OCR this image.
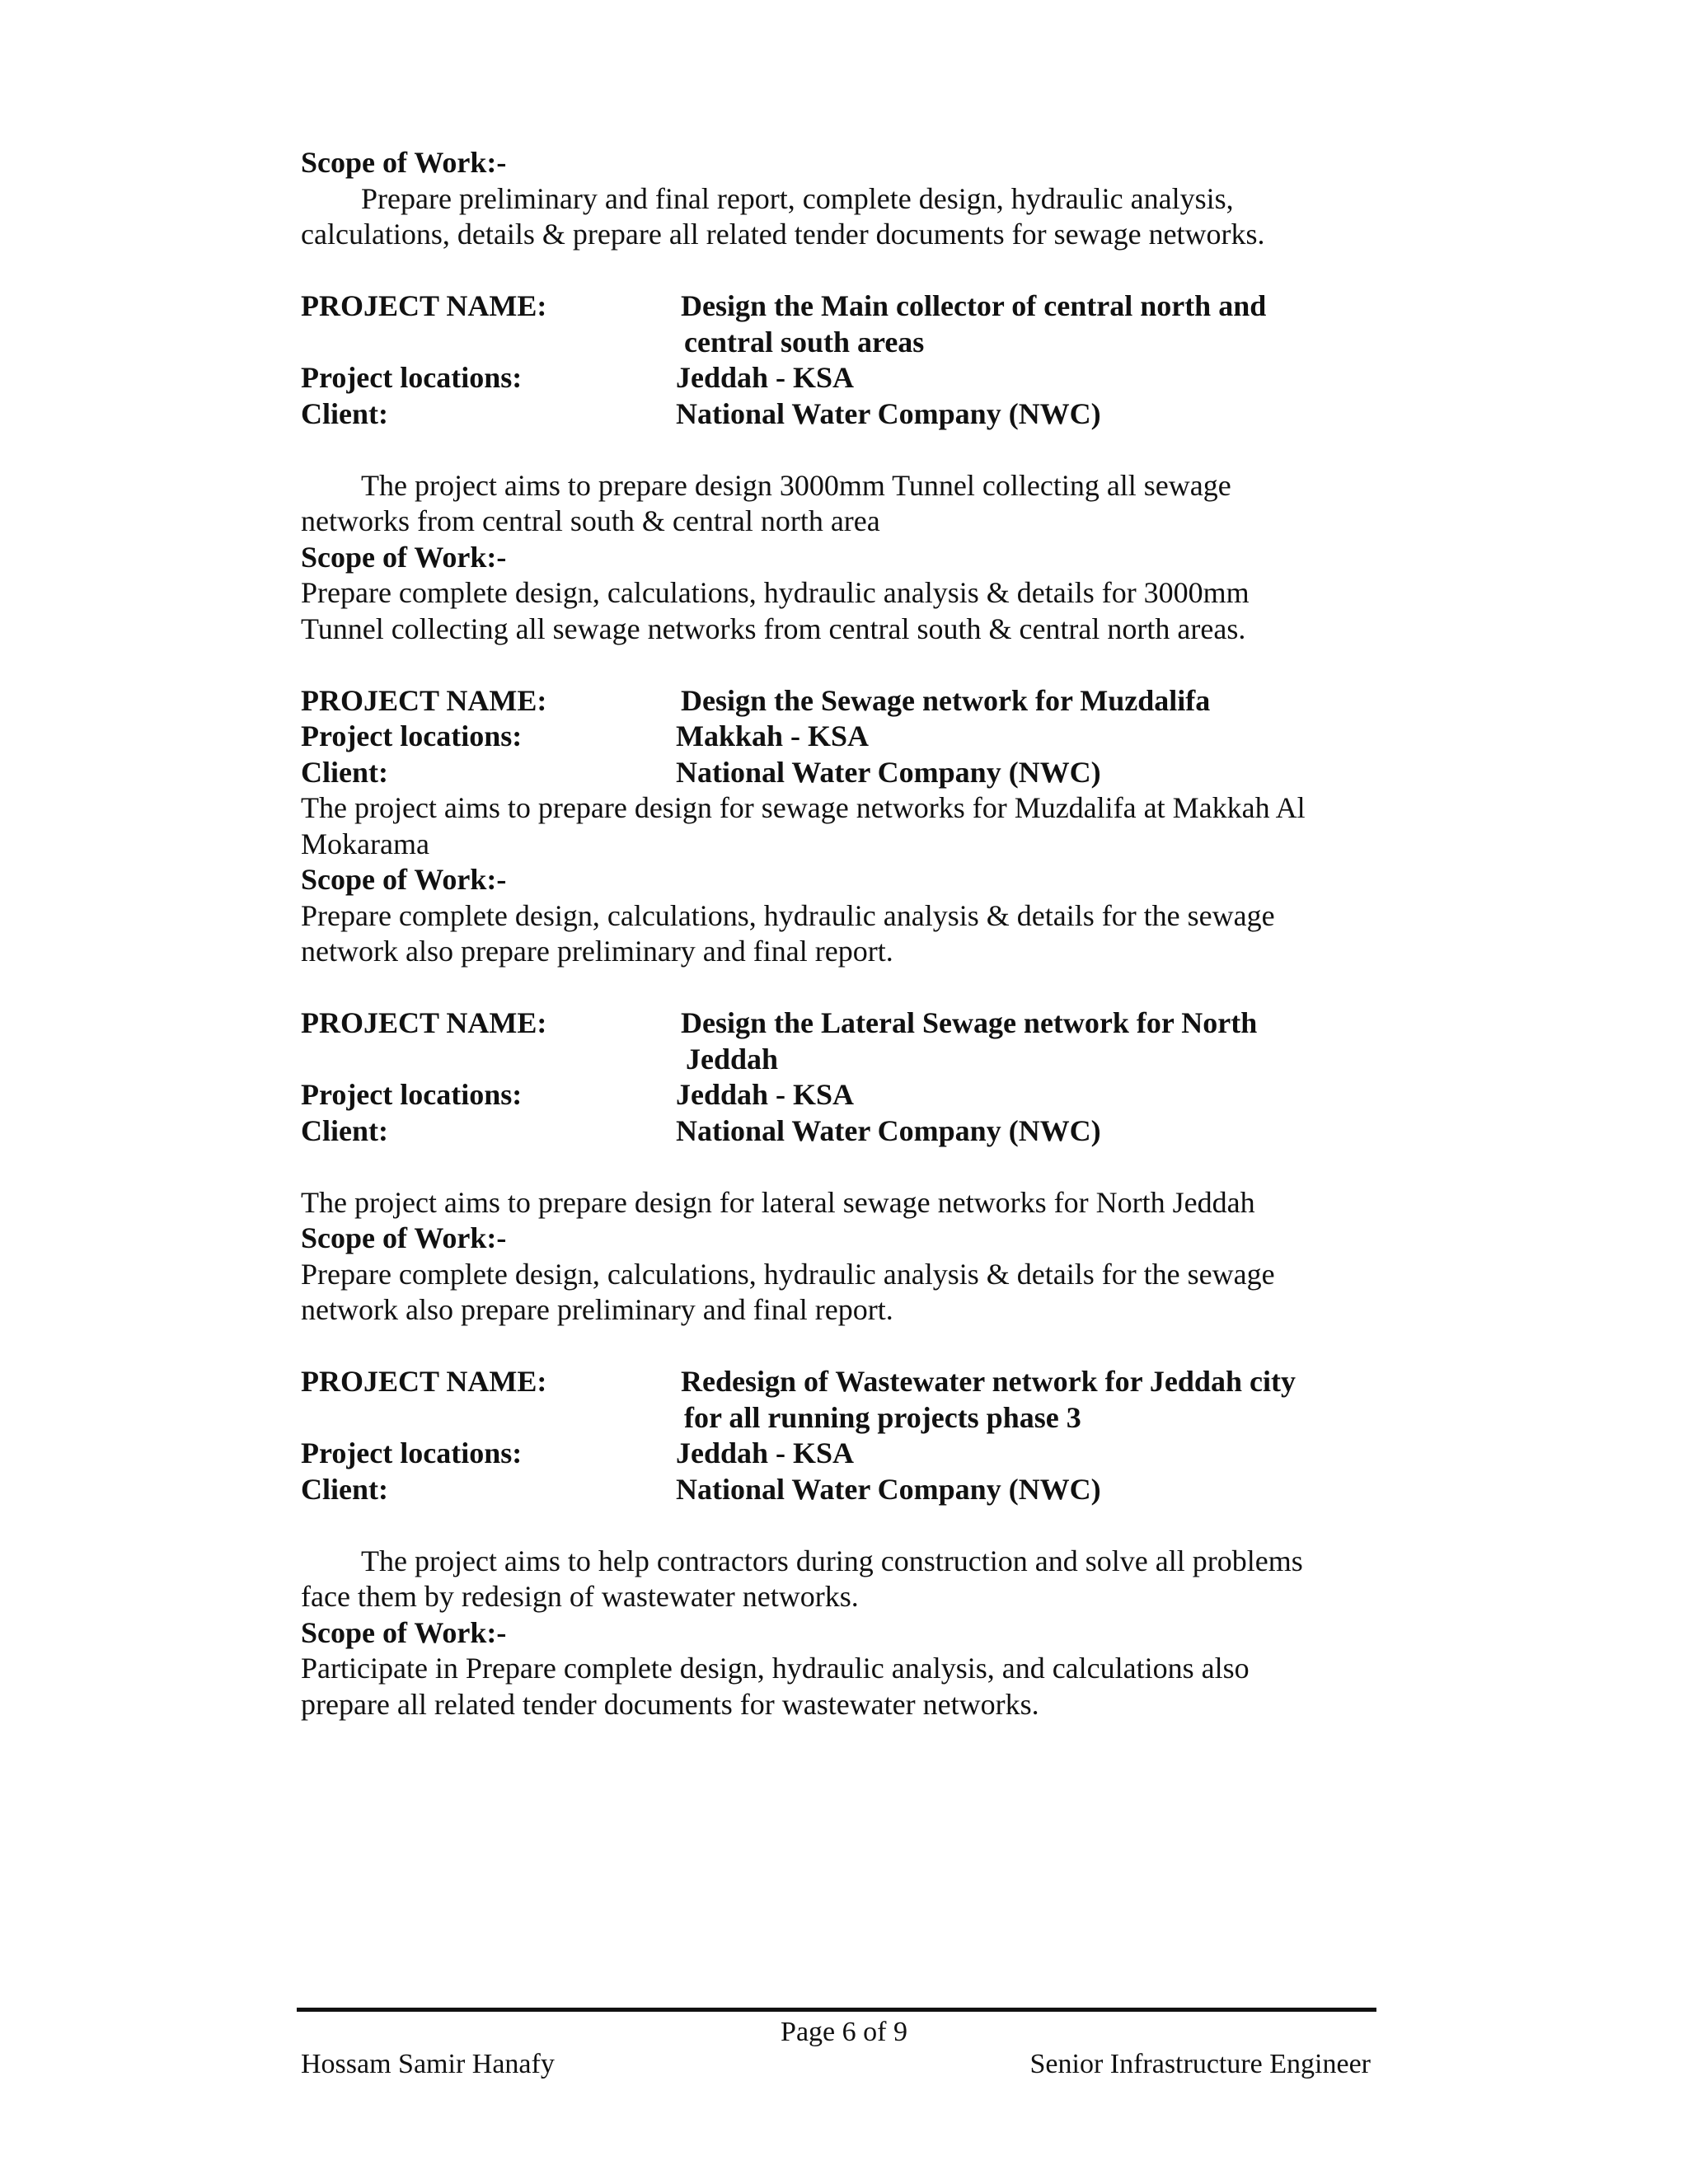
Scope of Work:-
Prepare preliminary and final report, complete design, hydraulic analysis,
calculations, details & prepare all related tender documents for sewage networks.
PROJECT NAME:	Design the Main collector of central north and
central south areas
Project locations:	Jeddah - KSA
Client:	National Water Company (NWC)
The project aims to prepare design 3000mm Tunnel collecting all sewage
networks from central south & central north area
Scope of Work:-
Prepare complete design, calculations, hydraulic analysis & details for 3000mm
Tunnel collecting all sewage networks from central south & central north areas.
PROJECT NAME:	Design the Sewage network for Muzdalifa
Project locations:	Makkah - KSA
Client:	National Water Company (NWC)
The project aims to prepare design for sewage networks for Muzdalifa at Makkah Al
Mokarama
Scope of Work:-
Prepare complete design, calculations, hydraulic analysis & details for the sewage
network also prepare preliminary and final report.
PROJECT NAME:	Design the Lateral Sewage network for North
Jeddah
Project locations:	Jeddah - KSA
Client:	National Water Company (NWC)
The project aims to prepare design for lateral sewage networks for North Jeddah
Scope of Work:-
Prepare complete design, calculations, hydraulic analysis & details for the sewage
network also prepare preliminary and final report.
PROJECT NAME:	Redesign of Wastewater network for Jeddah city
for all running projects phase 3
Project locations:	Jeddah - KSA
Client:	National Water Company (NWC)
The project aims to help contractors during construction and solve all problems
face them by redesign of wastewater networks.
Scope of Work:-
Participate in Prepare complete design, hydraulic analysis, and calculations also
prepare all related tender documents for wastewater networks.
Page 6 of 9
Hossam Samir Hanafy	Senior Infrastructure Engineer
